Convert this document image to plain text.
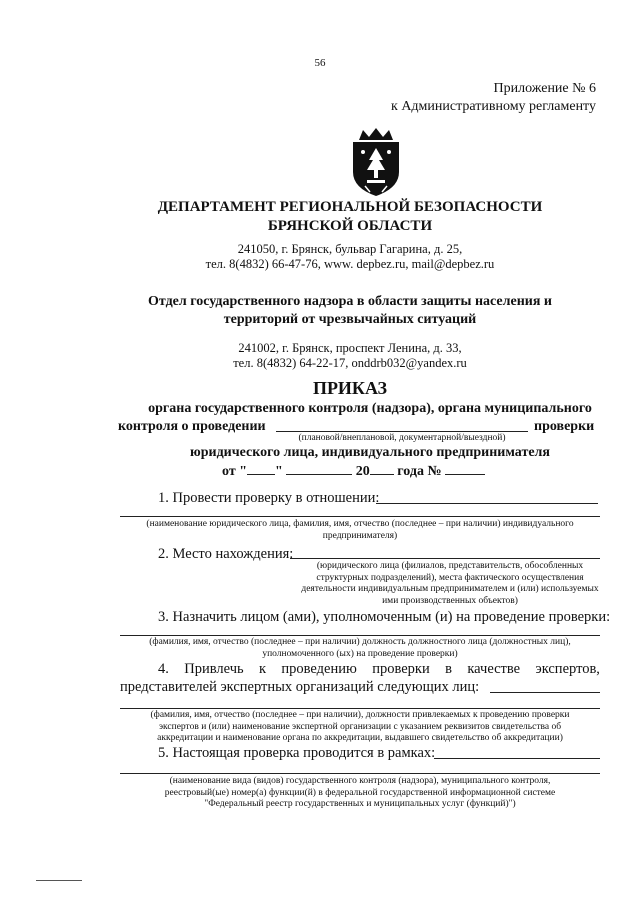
56
Приложение № 6
к Административному регламенту
ДЕПАРТАМЕНТ РЕГИОНАЛЬНОЙ БЕЗОПАСНОСТИ
БРЯНСКОЙ ОБЛАСТИ
241050, г. Брянск, бульвар Гагарина, д. 25,
тел. 8(4832) 66-47-76, www. depbez.ru, mail@depbez.ru
Отдел государственного надзора в области защиты населения и
территорий от чрезвычайных ситуаций
241002, г. Брянск, проспект Ленина, д. 33,
тел. 8(4832) 64-22-17, onddrb032@yandex.ru
ПРИКАЗ
органа государственного контроля (надзора), органа муниципального
контроля о проведении	проверки
(плановой/внеплановой, документарной/выездной)
юридического лица, индивидуального предпринимателя
от " "	20 года №
1. Провести проверку в отношении:
(наименование юридического лица, фамилия, имя, отчество (последнее – при наличии) индивидуального предпринимателя)
2. Место нахождения:
(юридического лица (филиалов, представительств, обособленных
структурных подразделений), места фактического осуществления
деятельности индивидуальным предпринимателем и (или) используемых
ими производственных объектов)
3. Назначить лицом (ами), уполномоченным (и) на проведение проверки:
(фамилия, имя, отчество (последнее – при наличии) должность должностного лица (должностных лиц),
уполномоченного (ых) на проведение проверки)
4. Привлечь к проведению проверки в качестве экспертов,
представителей экспертных организаций следующих лиц:
(фамилия, имя, отчество (последнее – при наличии), должности привлекаемых к проведению проверки
экспертов и (или) наименование экспертной организации с указанием реквизитов свидетельства об
аккредитации и наименование органа по аккредитации, выдавшего свидетельство об аккредитации)
5. Настоящая проверка проводится в рамках:
(наименование вида (видов) государственного контроля (надзора), муниципального контроля,
реестровый(ые) номер(а) функции(й) в федеральной государственной информационной системе
"Федеральный реестр государственных и муниципальных услуг (функций)")
